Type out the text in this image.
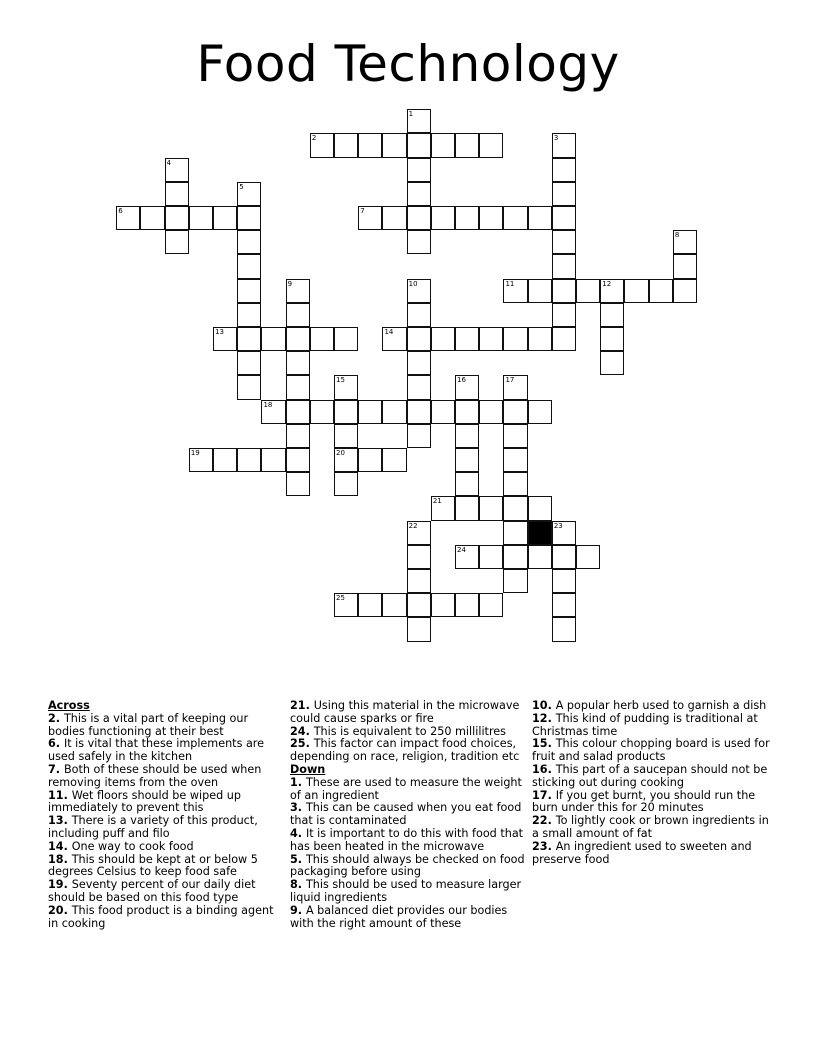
Food Technology
1
2	3
4
5
6	7
8
9	10	11	12
13	14
15
20
16	17
18
19
21
22	23
24
25
Across
2. This is a vital part of keeping our bodies functioning at their best
6. It is vital that these implements are used safely in the kitchen
7. Both of these should be used when removing items from the oven
11. Wet floors should be wiped up immediately to prevent this
13. There is a variety of this product, including puff and filo
14. One way to cook food
18. This should be kept at or below 5 degrees Celsius to keep food safe
19. Seventy percent of our daily diet should be based on this food type
20. This food product is a binding agent in cooking
21. Using this material in the microwave could cause sparks or fire
24. This is equivalent to 250 millilitres
25. This factor can impact food choices, depending on race, religion, tradition etc
Down
1. These are used to measure the weight of an ingredient
3. This can be caused when you eat food that is contaminated
4. It is important to do this with food that has been heated in the microwave
5. This should always be checked on food packaging before using
8. This should be used to measure larger liquid ingredients
9. A balanced diet provides our bodies with the right amount of these
10. A popular herb used to garnish a dish
12. This kind of pudding is traditional at Christmas time
15. This colour chopping board is used for fruit and salad products
16. This part of a saucepan should not be sticking out during cooking
17. If you get burnt, you should run the burn under this for 20 minutes
22. To lightly cook or brown ingredients in a small amount of fat
23. An ingredient used to sweeten and preserve food
